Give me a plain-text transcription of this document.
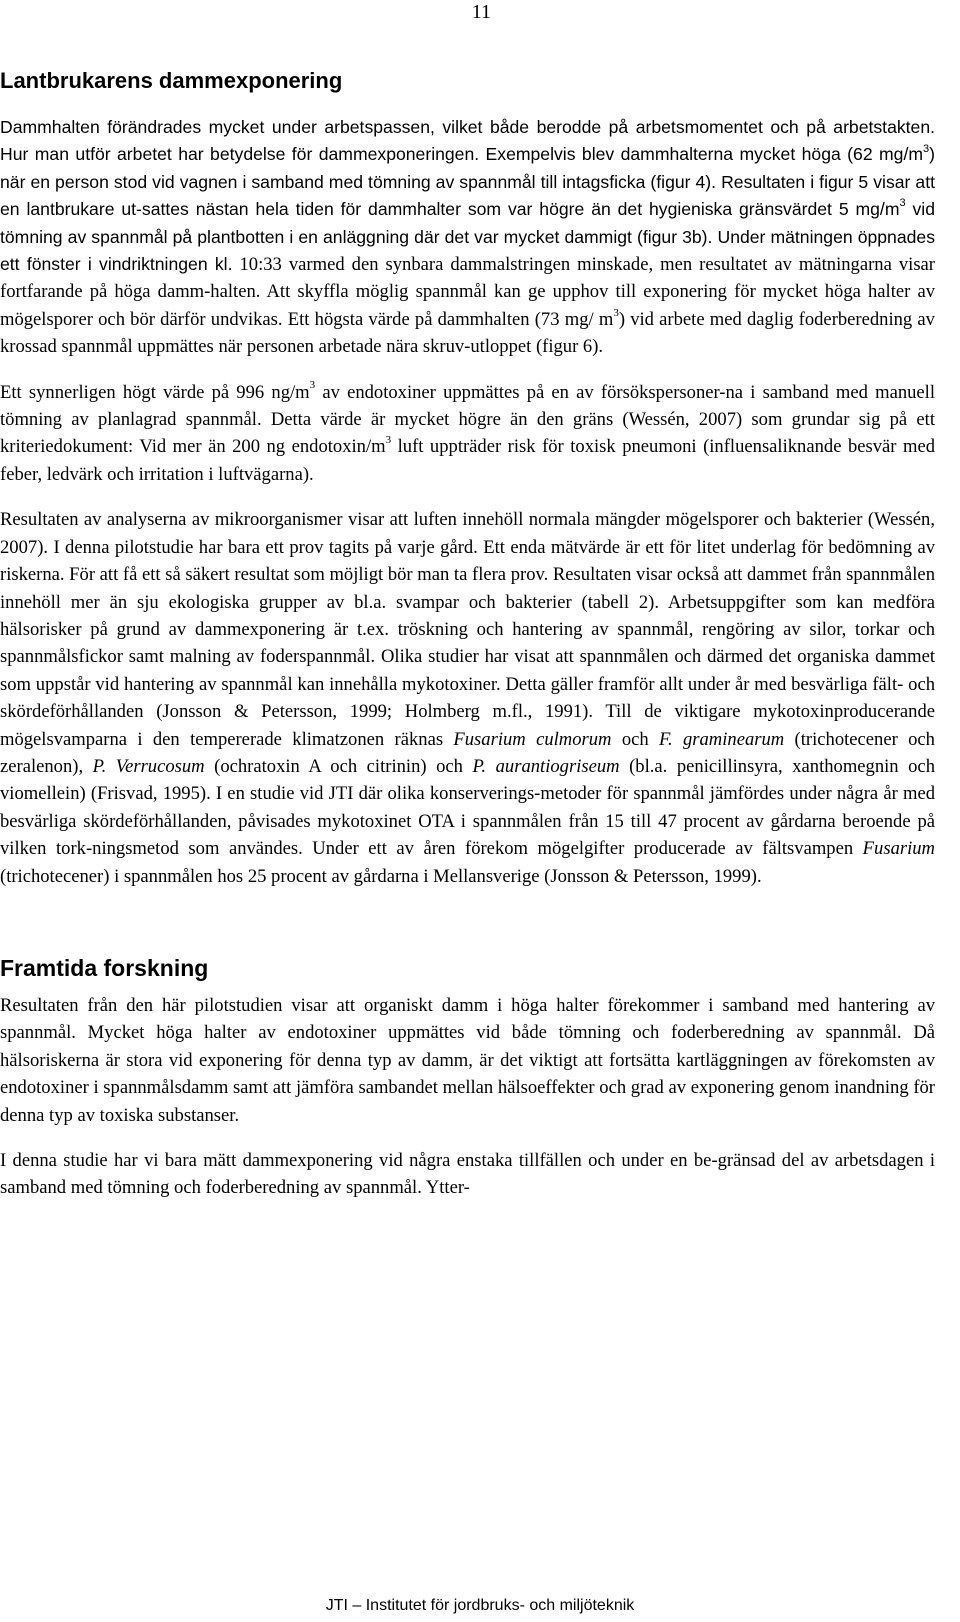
11
Lantbrukarens dammexponering

Dammhalten förändrades mycket under arbetspassen, vilket både berodde på arbetsmomentet och på arbetstakten. Hur man utför arbetet har betydelse för dammexponeringen. Exempelvis blev dammhalterna mycket höga (62 $mg/m^3$) när en person stod vid vagnen i samband med tömning av spannmål till intagsficka (figur 4). Resultaten i figur 5 visar att en lantbrukare ut-sattes nästan hela tiden för dammhalter som var högre än det hygieniska gränsvärdet 5 $mg/m^3$ vid tömning av spannmål på plantbotten i en anläggning där det var mycket dammigt (figur 3b). Under mätningen öppnades ett fönster i vindriktningen kl. 10:33 varmed den synbara dammalstringen minskade, men resultatet av mätningarna visar fortfarande på höga damm-halten. Att skyffla möglig spannmål kan ge upphov till exponering för mycket höga halter av mögelsporer och bör därför undvikas. Ett högsta värde på dammhalten (73 mg/ $m^3$) vid arbete med daglig foderberedning av krossad spannmål uppmättes när personen arbetade nära skruv-utloppet (figur 6).

Ett synnerligen högt värde på 996 $ng/m^3$ av endotoxiner uppmättes på en av försökspersoner-na i samband med manuell tömning av planlagrad spannmål. Detta värde är mycket högre än den gräns (Wessén, 2007) som grundar sig på ett kriteriedokument: Vid mer än 200 ng endotoxin/$m^3$ luft uppträder risk för toxisk pneumoni (influensaliknande besvär med feber, ledvärk och irritation i luftvägarna).

Resultaten av analyserna av mikroorganismer visar att luften innehöll normala mängder mögelsporer och bakterier (Wessén, 2007). I denna pilotstudie har bara ett prov tagits på varje gård. Ett enda mätvärde är ett för litet underlag för bedömning av riskerna. För att få ett så säkert resultat som möjligt bör man ta flera prov. Resultaten visar också att dammet från spannmålen innehöll mer än sju ekologiska grupper av bl.a. svampar och bakterier (tabell 2). Arbetsuppgifter som kan medföra hälsorisker på grund av dammexponering är t.ex. tröskning och hantering av spannmål, rengöring av silor, torkar och spannmålsfickor samt malning av foderspannmål. Olika studier har visat att spannmålen och därmed det organiska dammet som uppstår vid hantering av spannmål kan innehålla mykotoxiner. Detta gäller framför allt under år med besvärliga fält- och skördeförhållanden (Jonsson & Petersson, 1999; Holmberg m.fl., 1991). Till de viktigare mykotoxinproducerande mögelsvamparna i den tempererade klimatzonen räknas Fusarium culmorum och F. graminearum (trichotecener och zeralenon), P. Verrucosum (ochratoxin A och citrinin) och P. aurantiogriseum (bl.a. penicillinsyra, xanthomegnin och viomellein) (Frisvad, 1995). I en studie vid JTI där olika konserverings-metoder för spannmål jämfördes under några år med besvärliga skördeförhållanden, påvisades mykotoxinet OTA i spannmålen från 15 till 47 procent av gårdarna beroende på vilken tork-ningsmetod som användes. Under ett av åren förekom mögelgifter producerade av fältsvampen Fusarium (trichotecener) i spannmålen hos 25 procent av gårdarna i Mellansverige (Jonsson & Petersson, 1999).

Framtida forskning

Resultaten från den här pilotstudien visar att organiskt damm i höga halter förekommer i samband med hantering av spannmål. Mycket höga halter av endotoxiner uppmättes vid både tömning och foderberedning av spannmål. Då hälsoriskerna är stora vid exponering för denna typ av damm, är det viktigt att fortsätta kartläggningen av förekomsten av endotoxiner i spannmålsdamm samt att jämföra sambandet mellan hälsoeffekter och grad av exponering genom inandning för denna typ av toxiska substanser.

I denna studie har vi bara mätt dammexponering vid några enstaka tillfällen och under en be-gränsad del av arbetsdagen i samband med tömning och foderberedning av spannmål. Ytter-

JTI – Institutet för jordbruks- och miljöteknik
